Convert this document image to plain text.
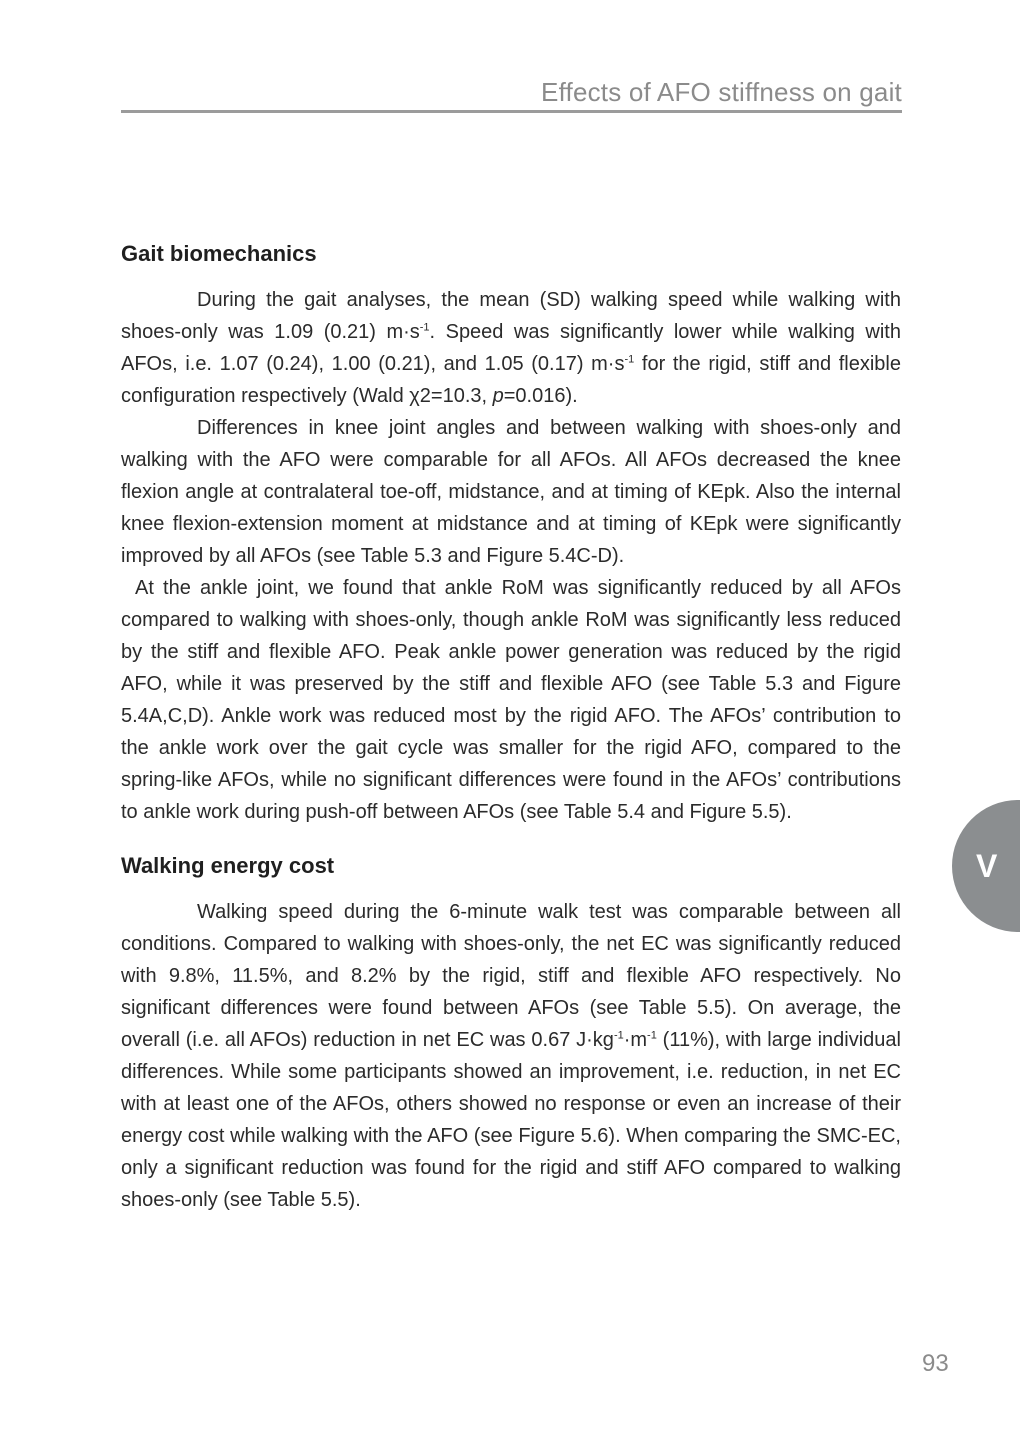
Effects of AFO stiffness on gait
Gait biomechanics

During the gait analyses, the mean (SD) walking speed while walking with shoes-only was 1.09 (0.21) $m\cdot s^{-1}$. Speed was significantly lower while walking with AFOs, i.e. 1.07 (0.24), 1.00 (0.21), and 1.05 (0.17) $m\cdot s^{-1}$ for the rigid, stiff and flexible configuration respectively (Wald χ2=10.3, p=0.016).

Differences in knee joint angles and between walking with shoes-only and walking with the AFO were comparable for all AFOs. All AFOs decreased the knee flexion angle at contralateral toe-off, midstance, and at timing of KEpk. Also the internal knee flexion-extension moment at midstance and at timing of KEpk were significantly improved by all AFOs (see Table 5.3 and Figure 5.4C-D).

At the ankle joint, we found that ankle RoM was significantly reduced by all AFOs compared to walking with shoes-only, though ankle RoM was significantly less reduced by the stiff and flexible AFO. Peak ankle power generation was reduced by the rigid AFO, while it was preserved by the stiff and flexible AFO (see Table 5.3 and Figure 5.4A,C,D). Ankle work was reduced most by the rigid AFO. The AFOs’ contribution to the ankle work over the gait cycle was smaller for the rigid AFO, compared to the spring-like AFOs, while no significant differences were found in the AFOs’ contributions to ankle work during push-off between AFOs (see Table 5.4 and Figure 5.5).

Walking energy cost

Walking speed during the 6-minute walk test was comparable between all conditions. Compared to walking with shoes-only, the net EC was significantly reduced with 9.8%, 11.5%, and 8.2% by the rigid, stiff and flexible AFO respectively. No significant differences were found between AFOs (see Table 5.5). On average, the overall (i.e. all AFOs) reduction in net EC was 0.67 $J\cdot kg^{-1}\cdot m^{-1}$ (11%), with large individual differences. While some participants showed an improvement, i.e. reduction, in net EC with at least one of the AFOs, others showed no response or even an increase of their energy cost while walking with the AFO (see Figure 5.6). When comparing the SMC-EC, only a significant reduction was found for the rigid and stiff AFO compared to walking shoes-only (see Table 5.5).

V
93
